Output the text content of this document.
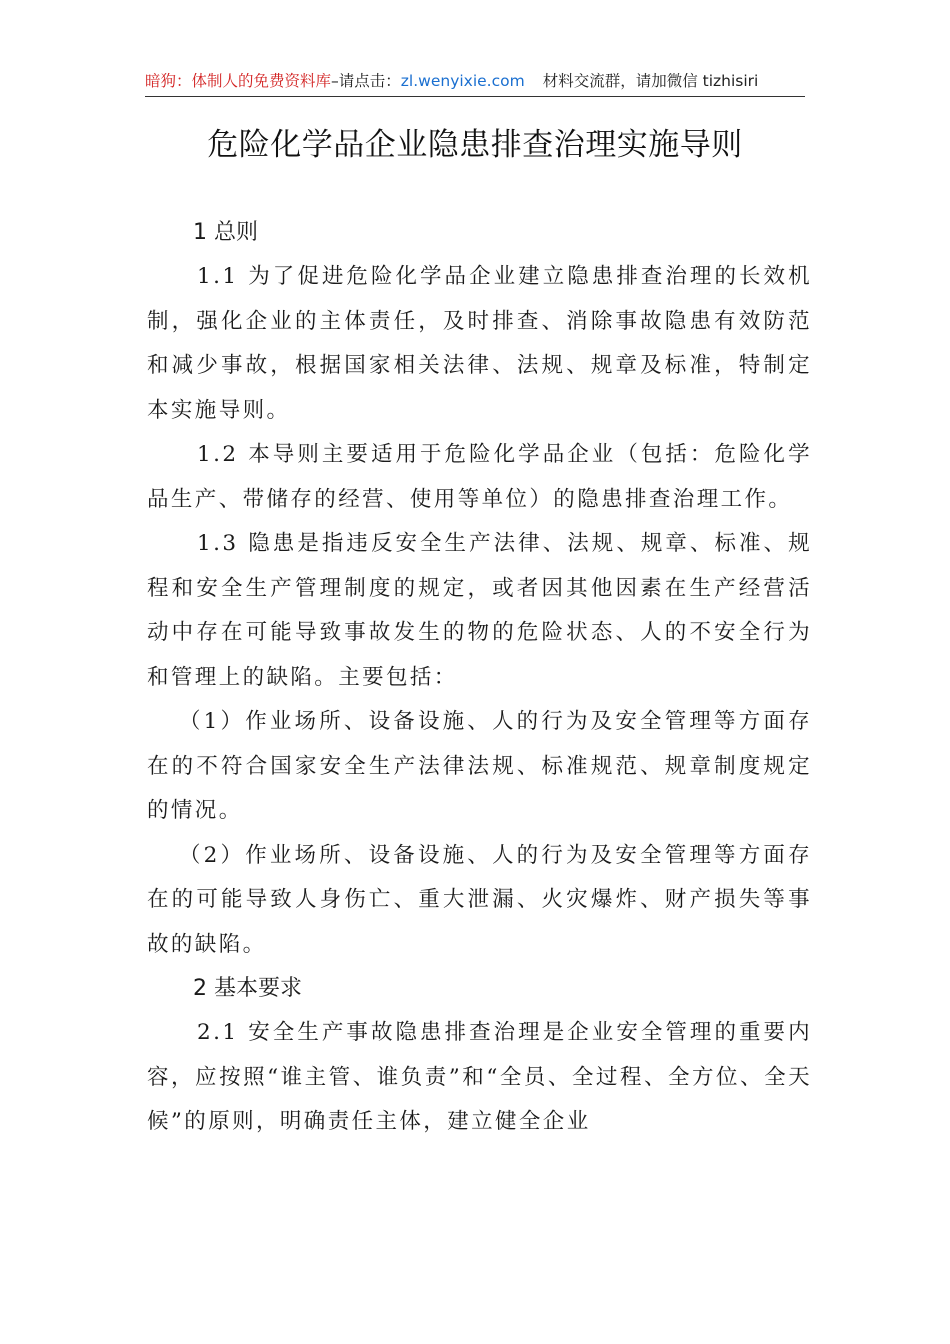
暗狗：体制人的免费资料库–请点击：zl.wenyixie.com 材料交流群，请加微信 tizhisiri
危险化学品企业隐患排查治理实施导则

1 总则

1.1 为了促进危险化学品企业建立隐患排查治理的长效机制，强化企业的主体责任，及时排查、消除事故隐患有效防范和减少事故，根据国家相关法律、法规、规章及标准，特制定本实施导则。

1.2 本导则主要适用于危险化学品企业（包括：危险化学品生产、带储存的经营、使用等单位）的隐患排查治理工作。

1.3 隐患是指违反安全生产法律、法规、规章、标准、规程和安全生产管理制度的规定，或者因其他因素在生产经营活动中存在可能导致事故发生的物的危险状态、人的不安全行为和管理上的缺陷。主要包括：

（1）作业场所、设备设施、人的行为及安全管理等方面存在的不符合国家安全生产法律法规、标准规范、规章制度规定的情况。

（2）作业场所、设备设施、人的行为及安全管理等方面存在的可能导致人身伤亡、重大泄漏、火灾爆炸、财产损失等事故的缺陷。

2 基本要求

2.1 安全生产事故隐患排查治理是企业安全管理的重要内容，应按照“谁主管、谁负责”和“全员、全过程、全方位、全天候”的原则，明确责任主体，建立健全企业
